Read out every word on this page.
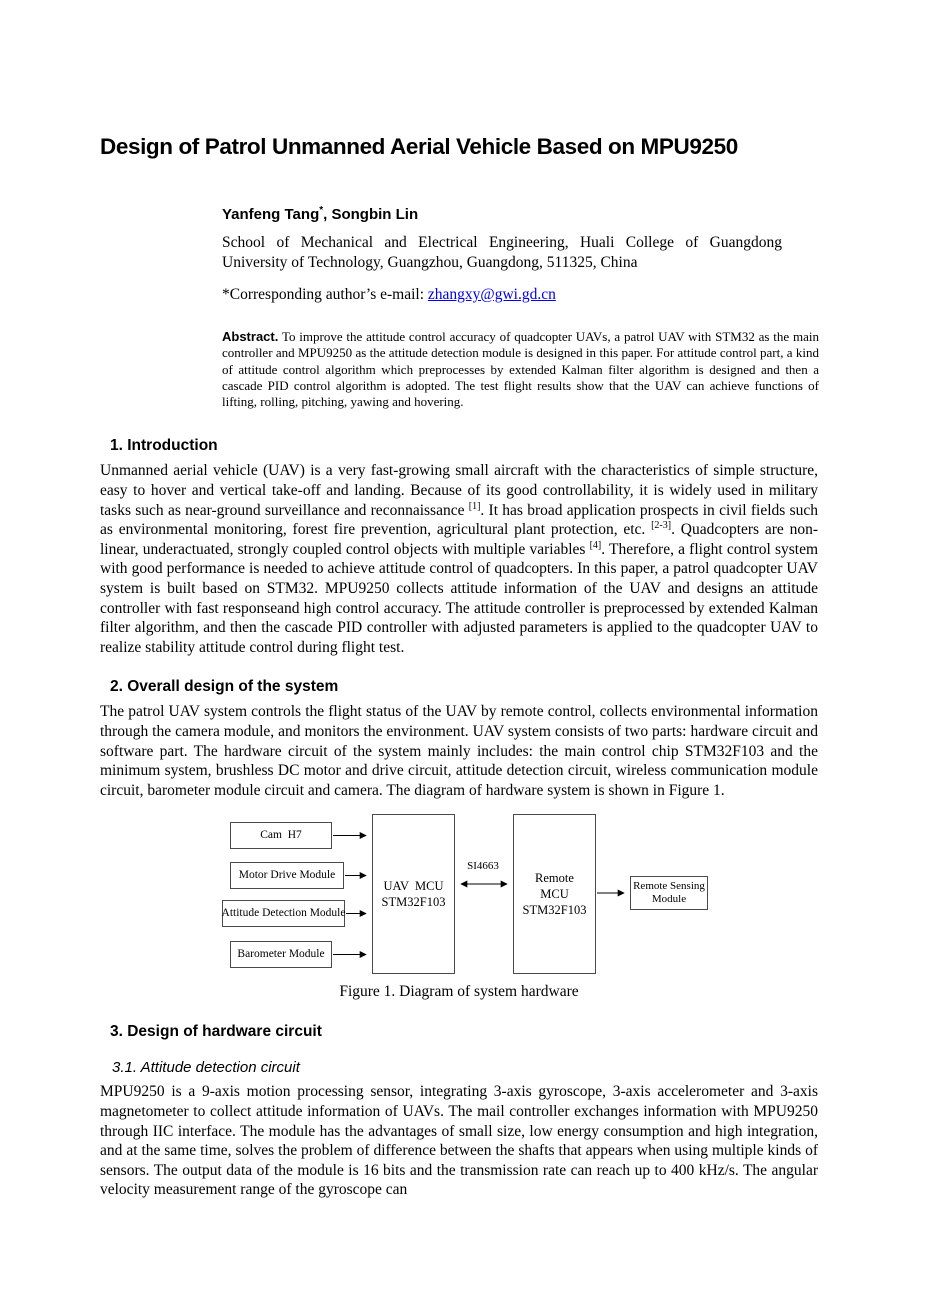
Design of Patrol Unmanned Aerial Vehicle Based on MPU9250

Yanfeng Tang*, Songbin Lin

School of Mechanical and Electrical Engineering, Huali College of Guangdong University of Technology, Guangzhou, Guangdong, 511325, China

*Corresponding author’s e-mail: zhangxy@gwi.gd.cn

Abstract. To improve the attitude control accuracy of quadcopter UAVs, a patrol UAV with STM32 as the main controller and MPU9250 as the attitude detection module is designed in this paper. For attitude control part, a kind of attitude control algorithm which preprocesses by extended Kalman filter algorithm is designed and then a cascade PID control algorithm is adopted. The test flight results show that the UAV can achieve functions of lifting, rolling, pitching, yawing and hovering.

1. Introduction

Unmanned aerial vehicle (UAV) is a very fast-growing small aircraft with the characteristics of simple structure, easy to hover and vertical take-off and landing. Because of its good controllability, it is widely used in military tasks such as near-ground surveillance and reconnaissance [1]. It has broad application prospects in civil fields such as environmental monitoring, forest fire prevention, agricultural plant protection, etc. [2-3]. Quadcopters are non-linear, underactuated, strongly coupled control objects with multiple variables [4]. Therefore, a flight control system with good performance is needed to achieve attitude control of quadcopters. In this paper, a patrol quadcopter UAV system is built based on STM32. MPU9250 collects attitude information of the UAV and designs an attitude controller with fast responseand high control accuracy. The attitude controller is preprocessed by extended Kalman filter algorithm, and then the cascade PID controller with adjusted parameters is applied to the quadcopter UAV to realize stability attitude control during flight test.

2. Overall design of the system

The patrol UAV system controls the flight status of the UAV by remote control, collects environmental information through the camera module, and monitors the environment. UAV system consists of two parts: hardware circuit and software part. The hardware circuit of the system mainly includes: the main control chip STM32F103 and the minimum system, brushless DC motor and drive circuit, attitude detection circuit, wireless communication module circuit, barometer module circuit and camera. The diagram of hardware system is shown in Figure 1.

Cam  H7
Motor Drive Module
Attitude Detection Module
Barometer Module
UAV  MCU
STM32F103
Remote
MCU
STM32F103
Remote Sensing
Module
SI4663

Figure 1. Diagram of system hardware

3. Design of hardware circuit
3.1. Attitude detection circuit

MPU9250 is a 9-axis motion processing sensor, integrating 3-axis gyroscope, 3-axis accelerometer and 3-axis magnetometer to collect attitude information of UAVs. The mail controller exchanges information with MPU9250 through IIC interface. The module has the advantages of small size, low energy consumption and high integration, and at the same time, solves the problem of difference between the shafts that appears when using multiple kinds of sensors. The output data of the module is 16 bits and the transmission rate can reach up to 400 kHz/s. The angular velocity measurement range of the gyroscope can
